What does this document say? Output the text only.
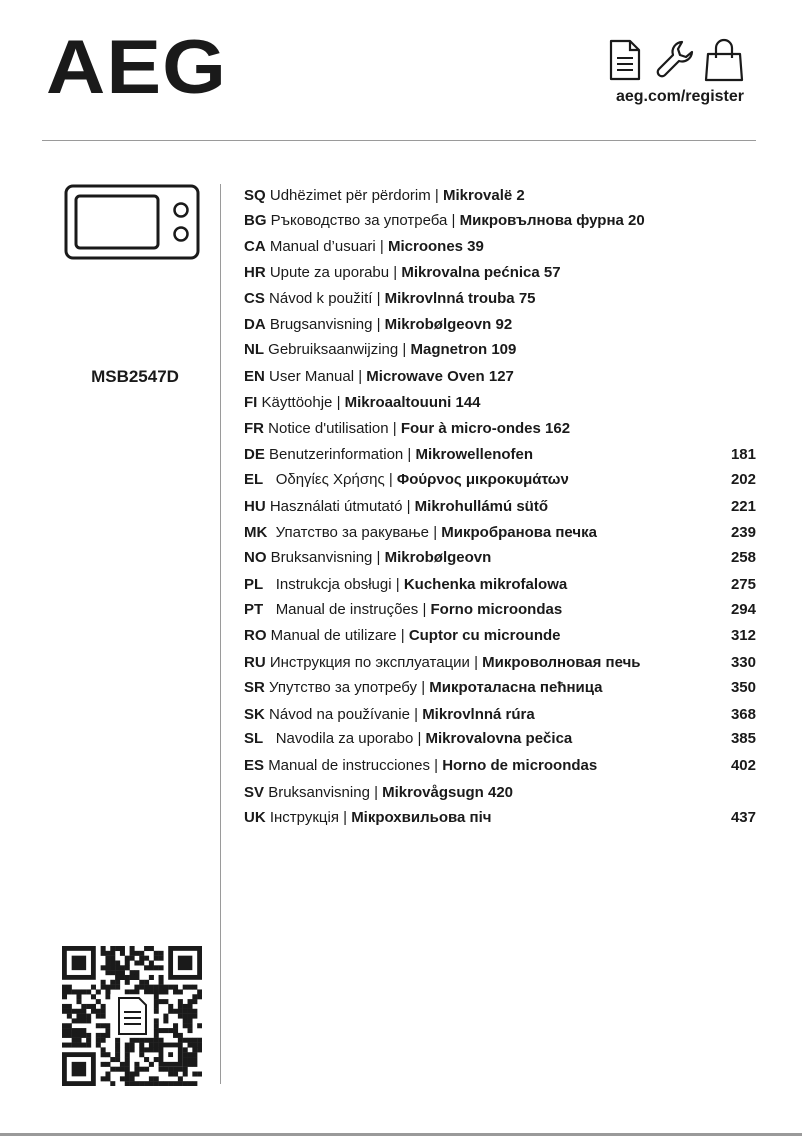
AEG	aeg.com/register
MSB2547D
SQ Udhëzimet për përdorim | Mikrovalë 2
BG Ръководство за употреба | Микровълнова фурна 20
CA Manual d’usuari | Microones 39
HR Upute za uporabu | Mikrovalna pećnica 57
CS Návod k použití | Mikrovlnná trouba 75
DA Brugsanvisning | Mikrobølgeovn 92
NL Gebruiksaanwijzing | Magnetron 109
EN User Manual | Microwave Oven 127
FI Käyttöohje | Mikroaaltouuni 144
FR Notice d'utilisation | Four à micro-ondes 162
DE Benutzerinformation | Mikrowellenofen	181
EL Οδηγίες Χρήσης | Φούρνος μικροκυμάτων	202
HU Használati útmutató | Mikrohullámú sütő	221
MK Упатство за ракување | Микробранова печка	239
NO Bruksanvisning | Mikrobølgeovn	258
PL Instrukcja obsługi | Kuchenka mikrofalowa	275
PT Manual de instruções | Forno microondas	294
RO Manual de utilizare | Cuptor cu microunde	312
RU Инструкция по эксплуатации | Микроволновая печь	330
SR Упутство за употребу | Микроталасна пећница	350
SK Návod na používanie | Mikrovlnná rúra	368
SL Navodila za uporabo | Mikrovalovna pečica	385
ES Manual de instrucciones | Horno de microondas	402
SV Bruksanvisning | Mikrovågsugn 420
UK Інструкція | Мікрохвильова піч	437
